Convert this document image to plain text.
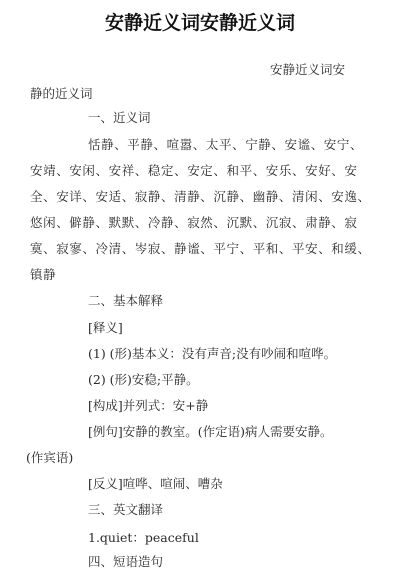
安静近义词安静近义词
安静近义词安
静的近义词
一、近义词
恬静、平静、喧嚣、太平、宁静、安谧、安宁、
安靖、安闲、安祥、稳定、安定、和平、安乐、安好、安
全、安详、安适、寂静、清静、沉静、幽静、清闲、安逸、
悠闲、僻静、默默、冷静、寂然、沉默、沉寂、肃静、寂
寞、寂寥、冷清、岑寂、静谧、平宁、平和、平安、和缓、
镇静
二、基本解释
[释义]
(1) (形)基本义：没有声音;没有吵闹和喧哗。
(2) (形)安稳;平静。
[构成]并列式：安+静
[例句]安静的教室。(作定语)病人需要安静。
(作宾语)
[反义]喧哗、喧闹、嘈杂
三、英文翻译
1.quiet：peaceful
四、短语造句
